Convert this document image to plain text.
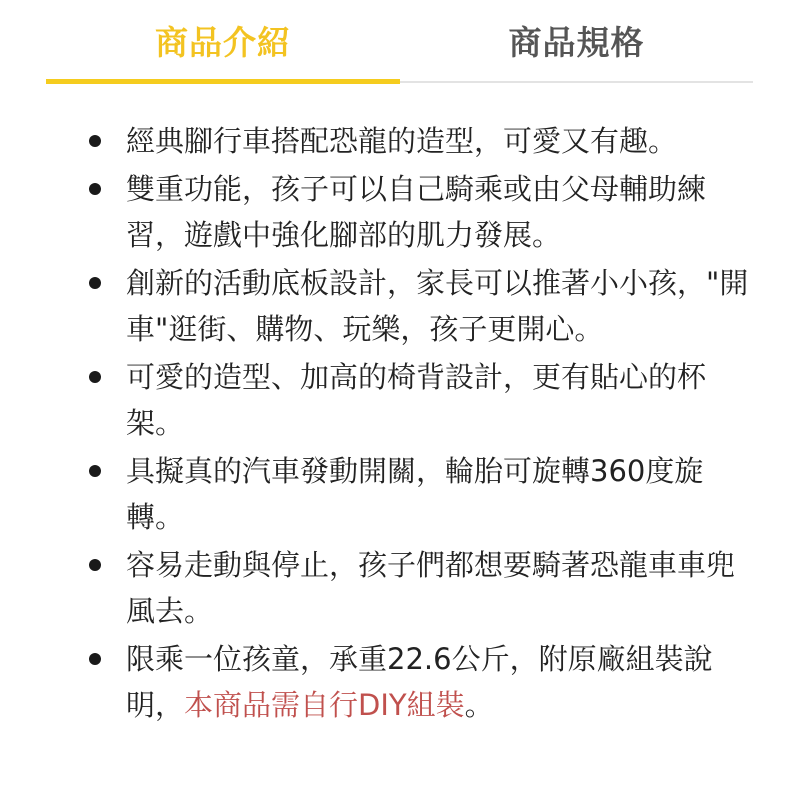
商品介紹	商品規格
經典腳行車搭配恐龍的造型，可愛又有趣。
雙重功能，孩子可以自己騎乘或由父母輔助練習，遊戲中強化腳部的肌力發展。
創新的活動底板設計，家長可以推著小小孩，"開車"逛街、購物、玩樂，孩子更開心。
可愛的造型、加高的椅背設計，更有貼心的杯架。
具擬真的汽車發動開關，輪胎可旋轉360度旋轉。
容易走動與停止，孩子們都想要騎著恐龍車車兜風去。
限乘一位孩童，承重22.6公斤，附原廠組裝說明，本商品需自行DIY組裝。
